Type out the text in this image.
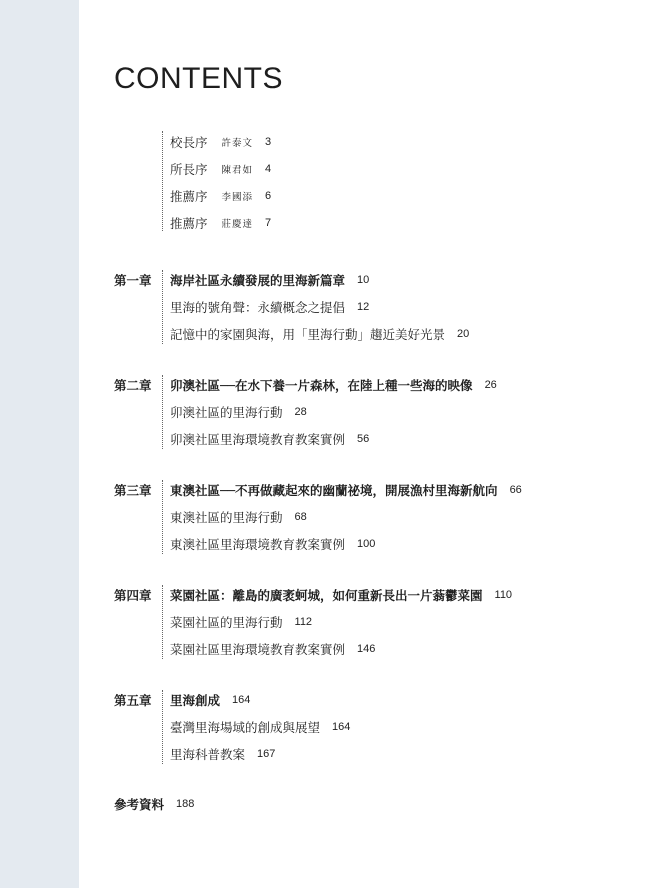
CONTENTS
校長序 許泰文 3
所長序 陳君如 4
推薦序 李國添 6
推薦序 莊慶達 7
第一章	海岸社區永續發展的里海新篇章 10
里海的號角聲：永續概念之提倡 12
記憶中的家園與海，用「里海行動」趨近美好光景 20
第二章	卯澳社區──在水下養一片森林，在陸上種一些海的映像 26
卯澳社區的里海行動 28
卯澳社區里海環境教育教案實例 56
第三章	東澳社區──不再做藏起來的幽蘭祕境，開展漁村里海新航向 66
東澳社區的里海行動 68
東澳社區里海環境教育教案實例 100
第四章	菜園社區：離島的廣袤蚵城，如何重新長出一片蓊鬱菜園 110
菜園社區的里海行動 112
菜園社區里海環境教育教案實例 146
第五章	里海創成 164
臺灣里海場域的創成與展望 164
里海科普教案 167
參考資料 188
